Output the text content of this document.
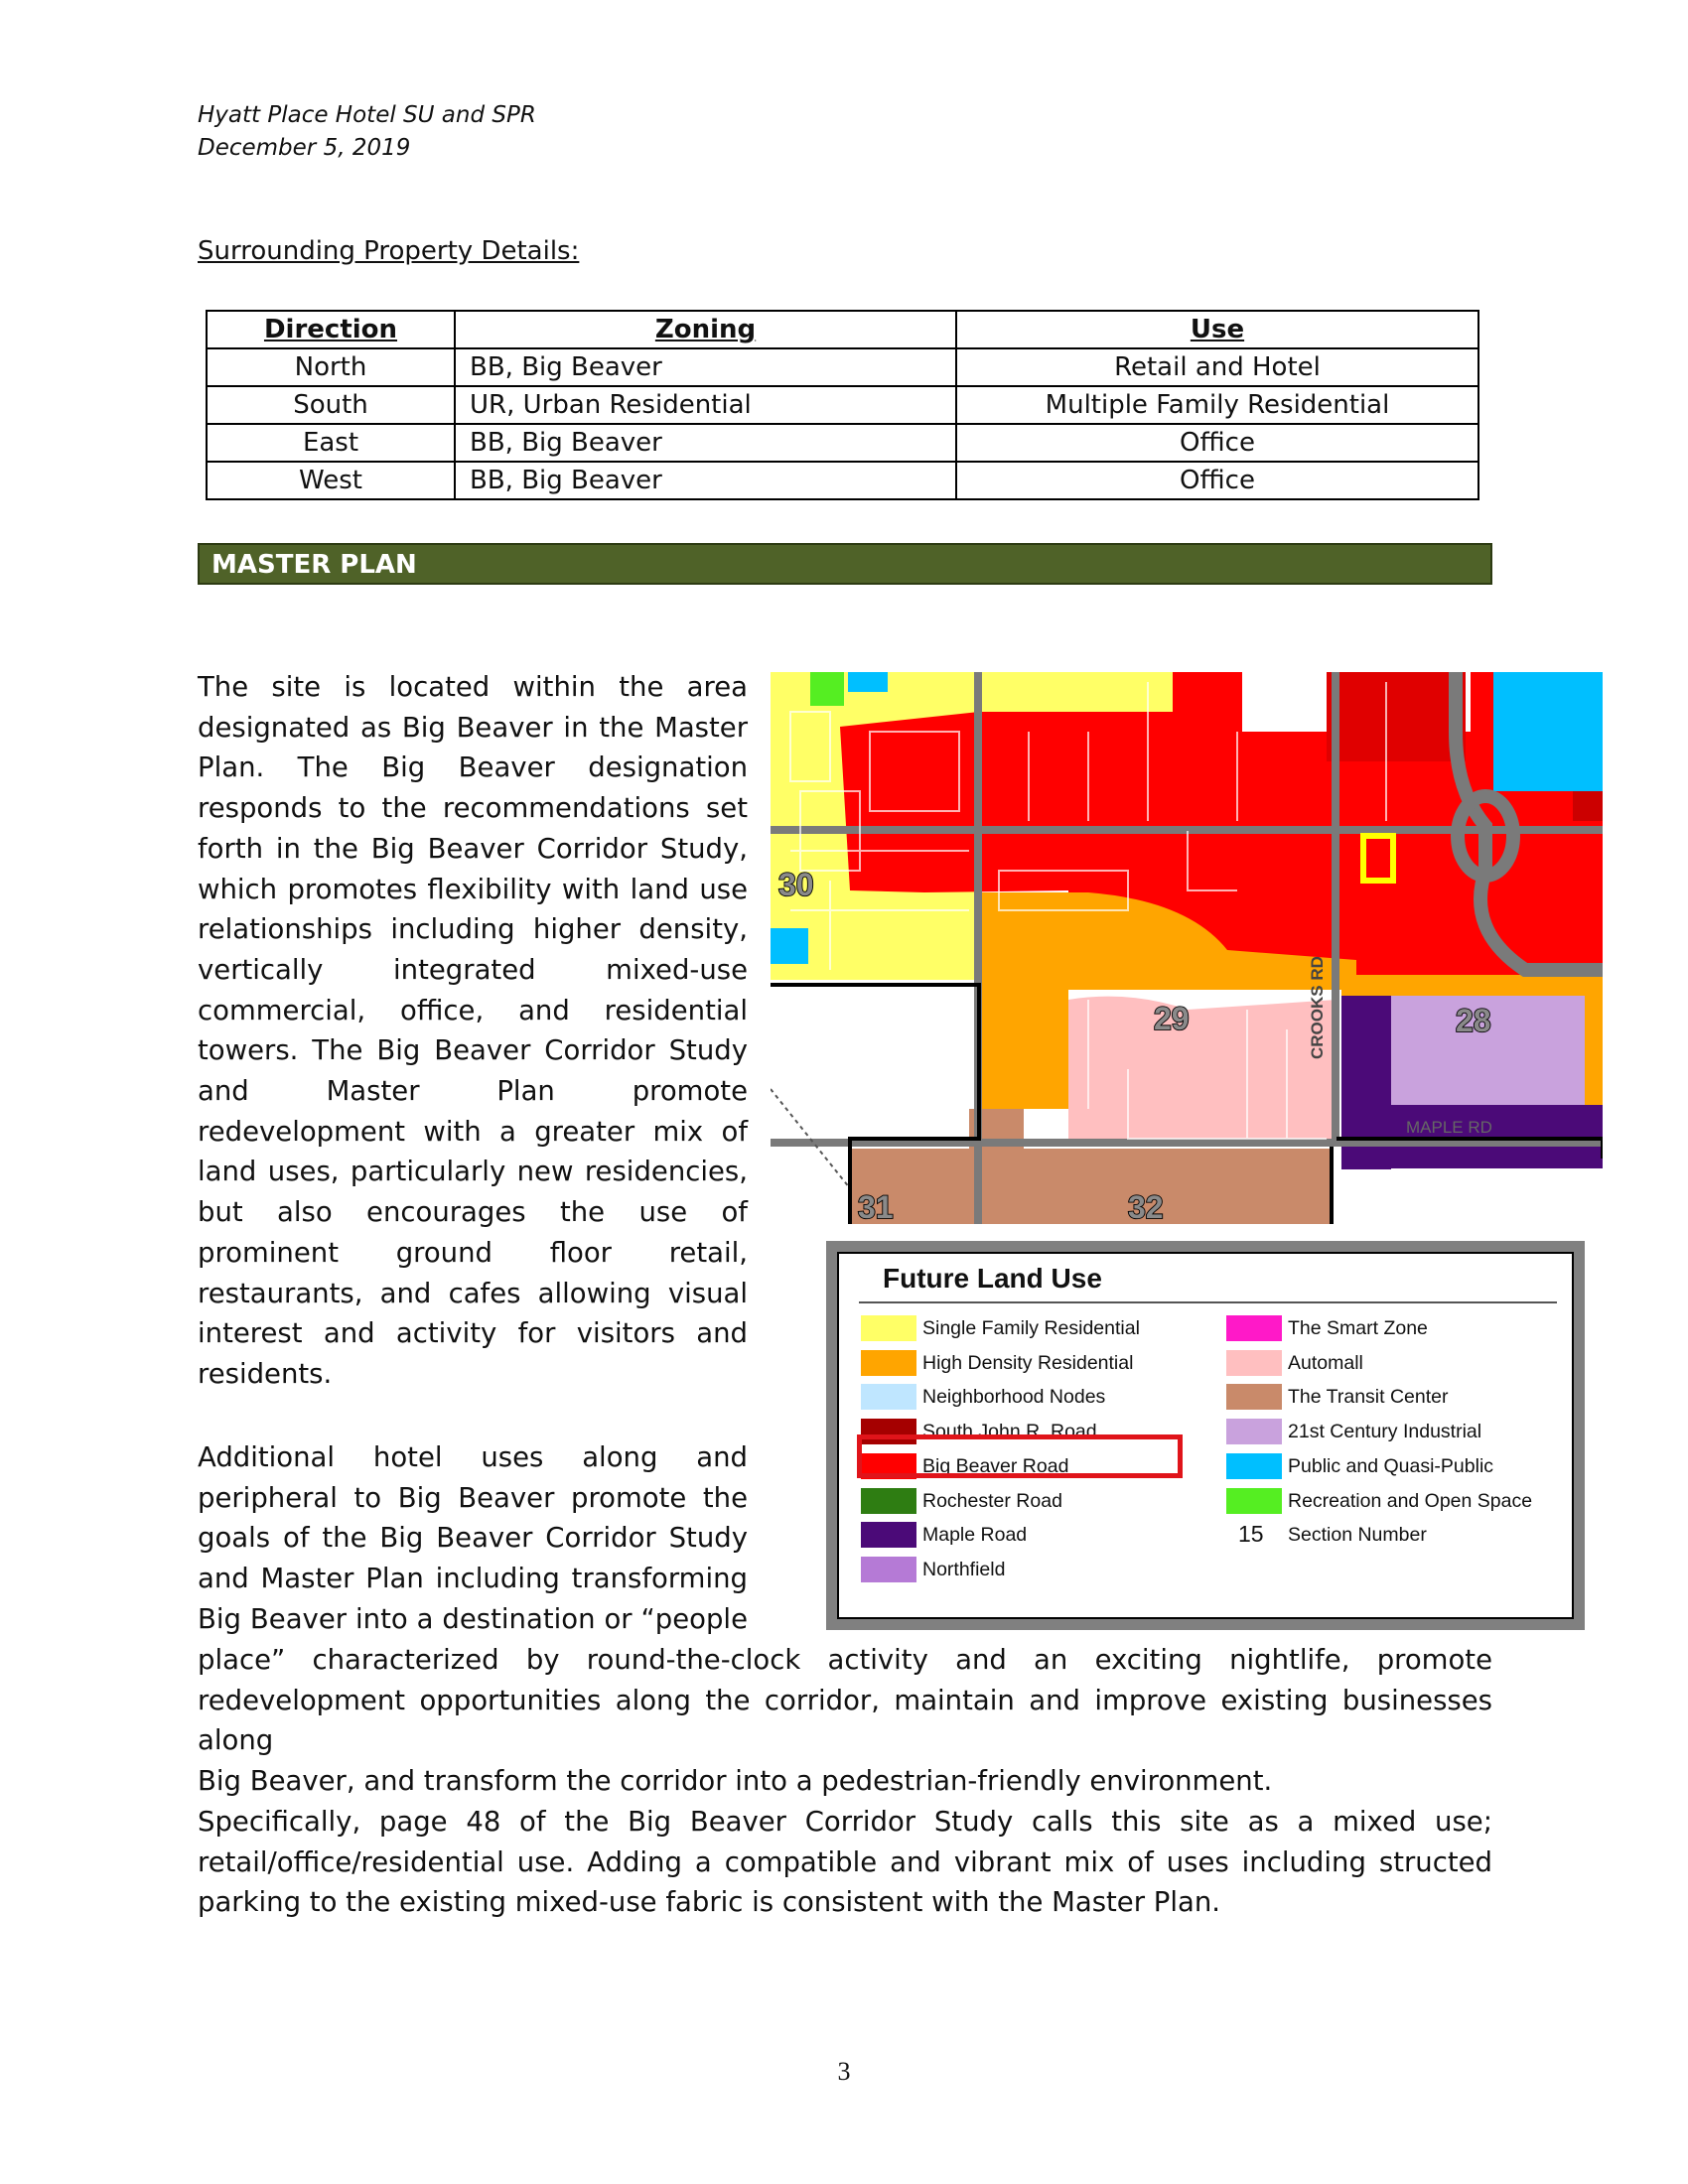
Hyatt Place Hotel SU and SPR
December 5, 2019
Surrounding Property Details:
Direction	Zoning	Use
North	BB, Big Beaver	Retail and Hotel
South	UR, Urban Residential	Multiple Family Residential
East	BB, Big Beaver	Office
West	BB, Big Beaver	Office
MASTER PLAN
The site is located within the area
designated as Big Beaver in the Master
Plan. The Big Beaver designation
responds to the recommendations set
forth in the Big Beaver Corridor Study,
which promotes flexibility with land use
relationships including higher density,
vertically integrated mixed-use
commercial, office, and residential
towers. The Big Beaver Corridor Study
and Master Plan promote
redevelopment with a greater mix of
land uses, particularly new residencies,
but also encourages the use of
prominent ground floor retail,
restaurants, and cafes allowing visual
interest and activity for visitors and
residents.
Additional hotel uses along and
peripheral to Big Beaver promote the
goals of the Big Beaver Corridor Study
and Master Plan including transforming
Big Beaver into a destination or “people
place” characterized by round-the-clock activity and an exciting nightlife, promote
redevelopment opportunities along the corridor, maintain and improve existing businesses along
Big Beaver, and transform the corridor into a pedestrian-friendly environment.
Specifically, page 48 of the Big Beaver Corridor Study calls this site as a mixed use;
retail/office/residential use. Adding a compatible and vibrant mix of uses including structed
parking to the existing mixed-use fabric is consistent with the Master Plan.
30
29	28
31	32
CROOKS RD
MAPLE RD
Future Land Use
Single Family Residential
High Density Residential
Neighborhood Nodes
South John R. Road
Big Beaver Road
Rochester Road
Maple Road
Northfield
The Smart Zone
Automall
The Transit Center
21st Century Industrial
Public and Quasi-Public
Recreation and Open Space
15	Section Number
3
